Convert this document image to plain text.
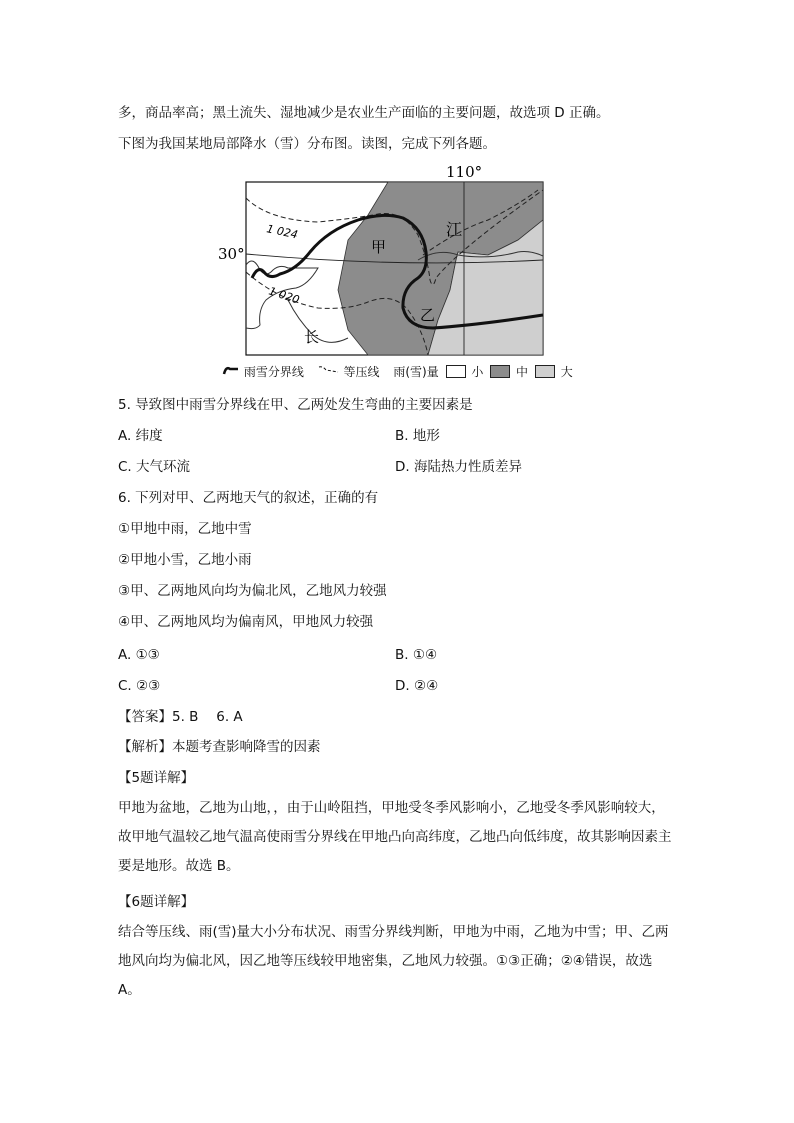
多，商品率高；黑土流失、湿地减少是农业生产面临的主要问题，故选项 D 正确。
下图为我国某地局部降水（雪）分布图。读图，完成下列各题。
110°
30°
1 024
1 020
甲
乙
江
长
雨雪分界线	等压线 雨(雪)量	小	中	大
5. 导致图中雨雪分界线在甲、乙两处发生弯曲的主要因素是
A. 纬度	B. 地形
C. 大气环流	D. 海陆热力性质差异
6. 下列对甲、乙两地天气的叙述，正确的有
①甲地中雨，乙地中雪
②甲地小雪，乙地小雨
③甲、乙两地风向均为偏北风，乙地风力较强
④甲、乙两地风均为偏南风，甲地风力较强
A. ①③	B. ①④
C. ②③	D. ②④
【答案】5. B　 6. A
【解析】本题考查影响降雪的因素
【5题详解】
甲地为盆地，乙地为山地，，由于山岭阻挡，甲地受冬季风影响小，乙地受冬季风影响较大，故甲地气温较乙地气温高使雨雪分界线在甲地凸向高纬度，乙地凸向低纬度，故其影响因素主要是地形。故选 B。
【6题详解】
结合等压线、雨(雪)量大小分布状况、雨雪分界线判断，甲地为中雨，乙地为中雪；甲、乙两地风向均为偏北风，因乙地等压线较甲地密集，乙地风力较强。①③正确；②④错误，故选 A。
